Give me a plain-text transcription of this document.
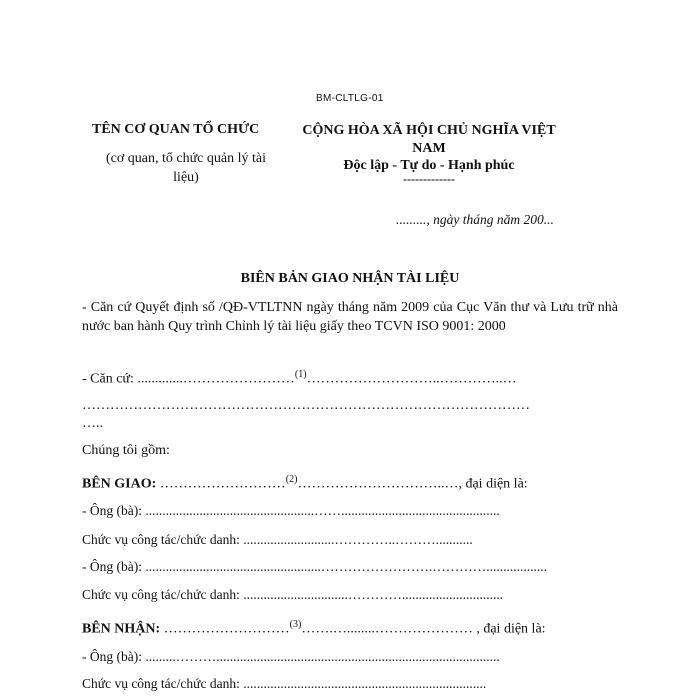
BM-CLTLG-01
TÊN CƠ QUAN TỔ CHỨC
(cơ quan, tổ chức quản lý tài liệu)
CỘNG HÒA XÃ HỘI CHỦ NGHĨA VIỆT NAM
Độc lập - Tự do - Hạnh phúc
-------------
........., ngày tháng năm 200...
BIÊN BẢN GIAO NHẬN TÀI LIỆU
- Căn cứ Quyết định số /QĐ-VTLTNN ngày tháng năm 2009 của Cục Văn thư và Lưu trữ nhà nước ban hành Quy trình Chỉnh lý tài liệu giấy theo TCVN ISO 9001: 2000
- Căn cứ: .............……………………$^{(1)}$………………………..…………..…
……………………………………………………………………………………
…..
Chúng tôi gồm:
BÊN GIAO: ………………………$^{(2)}$…………………………..…, đại diện là:
- Ông (bà): ..................................................……...............................................
Chức vụ công tác/chức danh: ...........................…………..………...........
- Ông (bà): ....................................................…………………….…………..................
Chức vụ công tác/chức danh: ...............................…………..............................
BÊN NHẬN: ………………………$^{(3)}$…….…........………………… , đại diện là:
- Ông (bà): .........………....................................................................................
Chức vụ công tác/chức danh: ........................................................................
